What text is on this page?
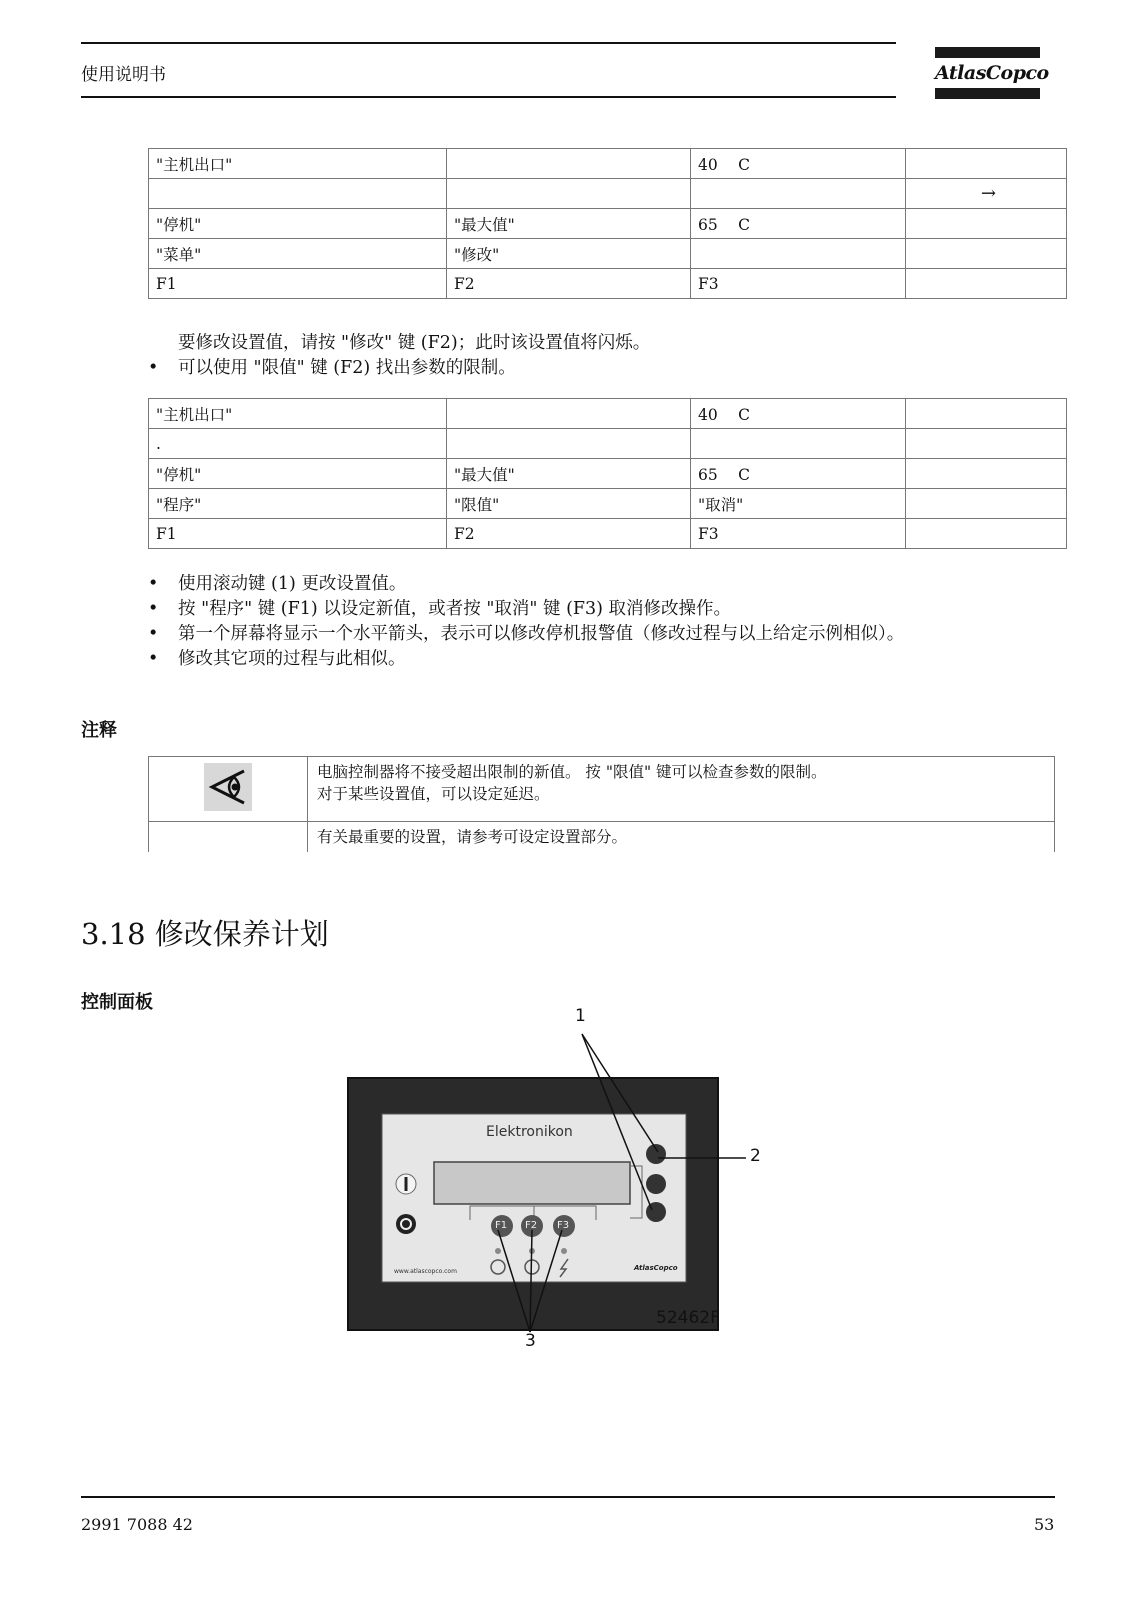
使用说明书	AtlasCopco
"主机出口"		40 　C	
			→
"停机"	"最大值"	65 　C	
"菜单"	"修改"		
F1	F2	F3	
要修改设置值，请按 "修改" 键 (F2)；此时该设置值将闪烁。
• 可以使用 "限值" 键 (F2) 找出参数的限制。
"主机出口"		40 　C	
.			
"停机"	"最大值"	65 　C	
"程序"	"限值"	"取消"	
F1	F2	F3	
• 使用滚动键 (1) 更改设置值。
• 按 "程序" 键 (F1) 以设定新值，或者按 "取消" 键 (F3) 取消修改操作。
• 第一个屏幕将显示一个水平箭头，表示可以修改停机报警值（修改过程与以上给定示例相似）。
• 修改其它项的过程与此相似。
注释

电脑控制器将不接受超出限制的新值。 按 "限值" 键可以检查参数的限制。
对于某些设置值，可以设定延迟。

	有关最重要的设置，请参考可设定设置部分。
3.18 修改保养计划
控制面板
Elektronikon
www.atlascopco.com	AtlasCopco
F1 F2 F3
1
2
3
52462F
2991 7088 42	53
